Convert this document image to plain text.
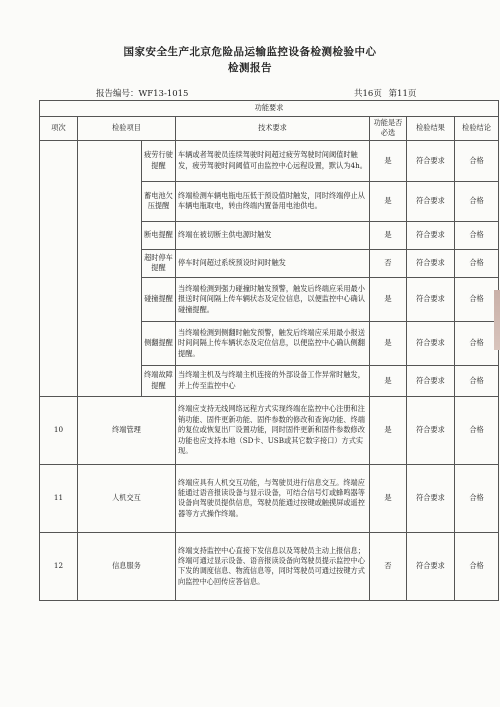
国家安全生产北京危险品运输监控设备检测检验中心
检测报告
报告编号：WF13-1015	共16页 第11页
功能要求						
项次	检验项目		技术要求	功能是否必选	检验结果	检验结论
		疲劳行驶提醒	车辆或者驾驶员连续驾驶时间超过疲劳驾驶时间阈值时触发，疲劳驾驶时间阈值可由监控中心远程设置，默认为4h。	是	符合要求	合格
		蓄电池欠压提醒	终端检测车辆电瓶电压低于预设值时触发，同时终端停止从车辆电瓶取电，转由终端内置备用电池供电。	是	符合要求	合格
		断电提醒	终端在被切断主供电源时触发	是	符合要求	合格
		超时停车提醒	停车时间超过系统预设时间时触发	否	符合要求	合格
		碰撞提醒	当终端检测到强力碰撞时触发预警，触发后终端应采用最小报送时间间隔上传车辆状态及定位信息，以便监控中心确认碰撞提醒。	是	符合要求	合格
		侧翻提醒	当终端检测到侧翻时触发预警，触发后终端应采用最小报送时间间隔上传车辆状态及定位信息，以便监控中心确认侧翻提醒。	是	符合要求	合格
		终端故障提醒	当终端主机及与终端主机连接的外部设备工作异常时触发，并上传至监控中心	是	符合要求	合格
10	终端管理		终端应支持无线网络远程方式实现终端在监控中心注册和注销功能、固件更新功能、固件参数的修改和查询功能、终端的复位或恢复出厂设置功能，同时固件更新和固件参数修改功能也应支持本地（SD卡、USB或其它数字接口）方式实现。	是	符合要求	合格
11	人机交互		终端应具有人机交互功能，与驾驶员进行信息交互。终端应能通过语音报读设备与显示设备，可结合信号灯或蜂鸣器等设备向驾驶员提供信息，驾驶员能通过按键或触摸屏或遥控器等方式操作终端。	是	符合要求	合格
12	信息服务		终端支持监控中心直接下发信息以及驾驶员主动上报信息；终端可通过显示设备、语音报读设备向驾驶员提示监控中心下发的调度信息、物流信息等，同时驾驶员可通过按键方式向监控中心回传应答信息。	否	符合要求	合格
